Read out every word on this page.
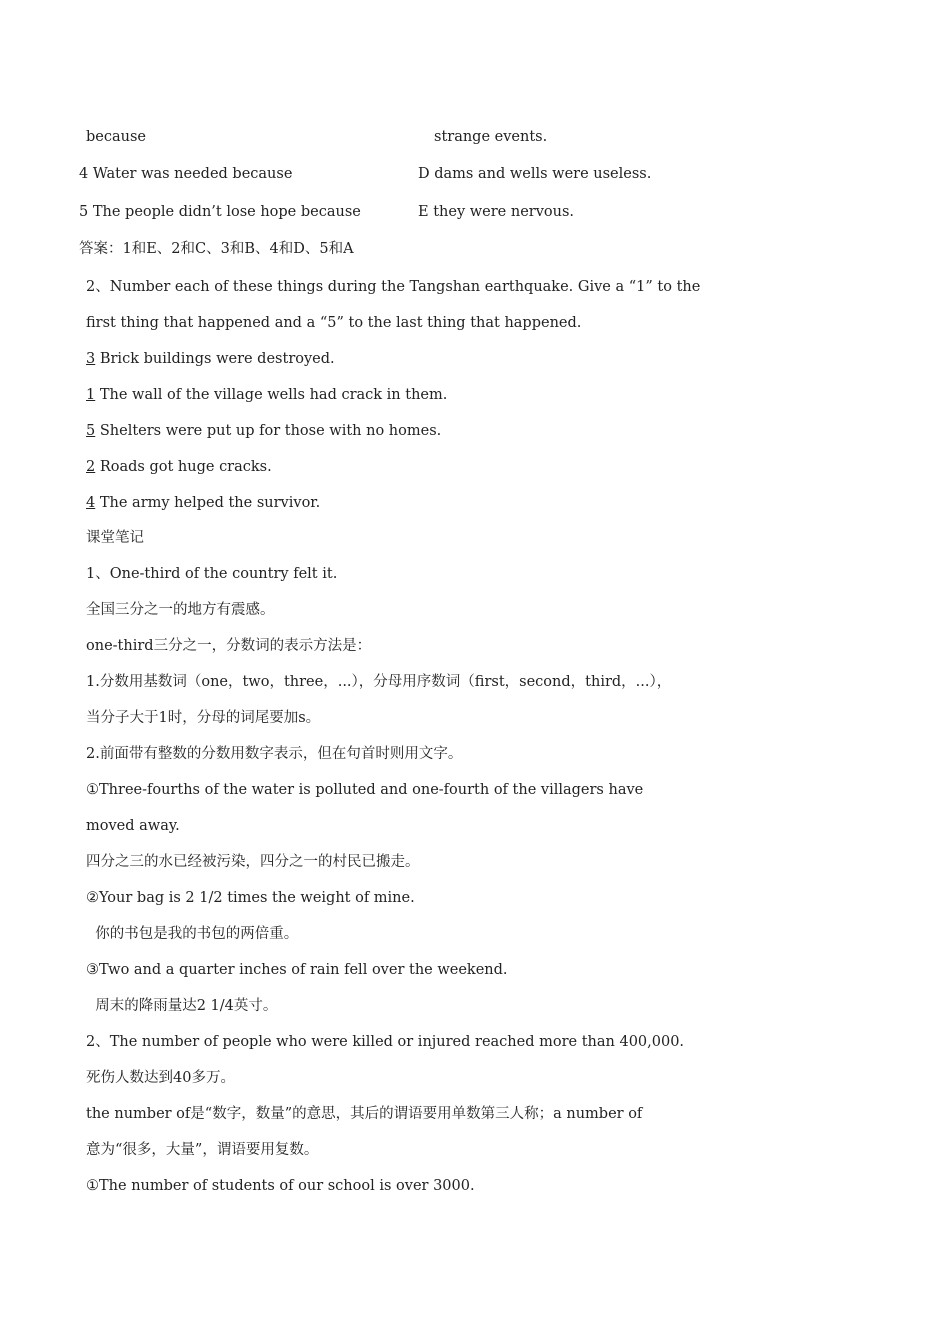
because	strange events.
4 Water was needed because	D dams and wells were useless.
5 The people didn’t lose hope because	E they were nervous.
答案：1和E、2和C、3和B、4和D、5和A
2、Number each of these things during the Tangshan earthquake. Give a “1” to the
first thing that happened and a “5” to the last thing that happened.
3 Brick buildings were destroyed.
1 The wall of the village wells had crack in them.
5 Shelters were put up for those with no homes.
2 Roads got huge cracks.
4 The army helped the survivor.
课堂笔记
1、One-third of the country felt it.
全国三分之一的地方有震感。
one-third三分之一，分数词的表示方法是：
1.分数用基数词（one，two，three，...），分母用序数词（first，second，third，...），
当分子大于1时，分母的词尾要加s。
2.前面带有整数的分数用数字表示，但在句首时则用文字。
①Three-fourths of the water is polluted and one-fourth of the villagers have
moved away.
四分之三的水已经被污染，四分之一的村民已搬走。
②Your bag is 2 1/2 times the weight of mine.
你的书包是我的书包的两倍重。
③Two and a quarter inches of rain fell over the weekend.
周末的降雨量达2 1/4英寸。
2、The number of people who were killed or injured reached more than 400,000.
死伤人数达到40多万。
the number of是“数字，数量”的意思，其后的谓语要用单数第三人称；a number of
意为“很多，大量”，谓语要用复数。
①The number of students of our school is over 3000.
